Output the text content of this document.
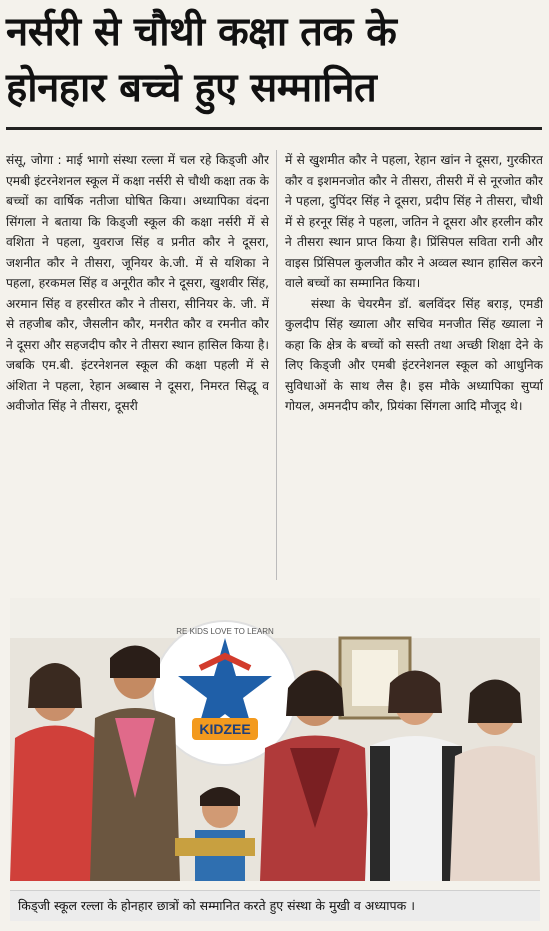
नर्सरी से चौथी कक्षा तक के
होनहार बच्चे हुए सम्मानित

संसू, जोगा : माई भागो संस्था रल्ला में चल रहे किड्जी और एमबी इंटरनेशनल स्कूल में कक्षा नर्सरी से चौथी कक्षा तक के बच्चों का वार्षिक नतीजा घोषित किया। अध्यापिका वंदना सिंगला ने बताया कि किड्जी स्कूल की कक्षा नर्सरी में से वशिता ने पहला, युवराज सिंह व प्रनीत कौर ने दूसरा, जशनीत कौर ने तीसरा, जूनियर के.जी. में से यशिका ने पहला, हरकमल सिंह व अनूरीत कौर ने दूसरा, खुशवीर सिंह, अरमान सिंह व हरसीरत कौर ने तीसरा, सीनियर के. जी. में से तहजीब कौर, जैसलीन कौर, मनरीत कौर व रमनीत कौर ने दूसरा और सहजदीप कौर ने तीसरा स्थान हासिल किया है। जबकि एम.बी. इंटरनेशनल स्कूल की कक्षा पहली में से अंशिता ने पहला, रेहान अब्बास ने दूसरा, निमरत सिद्धू व अवीजोत सिंह ने तीसरा, दूसरी

में से खुशमीत कौर ने पहला, रेहान खांन ने दूसरा, गुरकीरत कौर व इशमनजोत कौर ने तीसरा, तीसरी में से नूरजोत कौर ने पहला, दुपिंदर सिंह ने दूसरा, प्रदीप सिंह ने तीसरा, चौथी में से हरनूर सिंह ने पहला, जतिन ने दूसरा और हरलीन कौर ने तीसरा स्थान प्राप्त किया है। प्रिंसिपल सविता रानी और वाइस प्रिंसिपल कुलजीत कौर ने अव्वल स्थान हासिल करने वाले बच्चों का सम्मानित किया।

संस्था के चेयरमैन डॉ. बलविंदर सिंह बराड़, एमडी कुलदीप सिंह ख्याला और सचिव मनजीत सिंह ख्याला ने कहा कि क्षेत्र के बच्चों को सस्ती तथा अच्छी शिक्षा देने के लिए किड्जी और एमबी इंटरनेशनल स्कूल को आधुनिक सुविधाओं के साथ लैस है। इस मौके अध्यापिका सुर्प्या गोयल, अमनदीप कौर, प्रियंका सिंगला आदि मौजूद थे।

KIDZEE
RE KIDS LOVE TO LEARN
किड्जी स्कूल रल्ला के होनहार छात्रों को सम्मानित करते हुए संस्था के मुखी व अध्यापक ।
